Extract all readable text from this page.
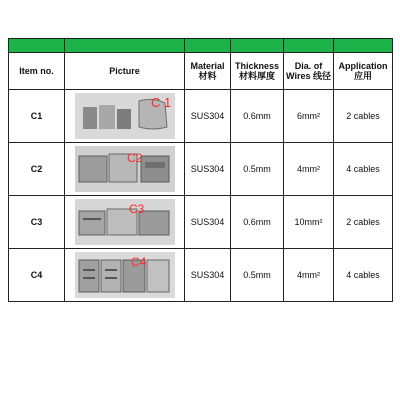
Item no.	Picture	Material 材料	Thickness 材料厚度	Dia. of Wires 线径	Application 应用
C1	C 1	SUS304	0.6mm	6mm²	2 cables
C2	C2	SUS304	0.5mm	4mm²	4 cables
C3	C3	SUS304	0.6mm	10mm²	2 cables
C4	C4	SUS304	0.5mm	4mm²	4 cables
